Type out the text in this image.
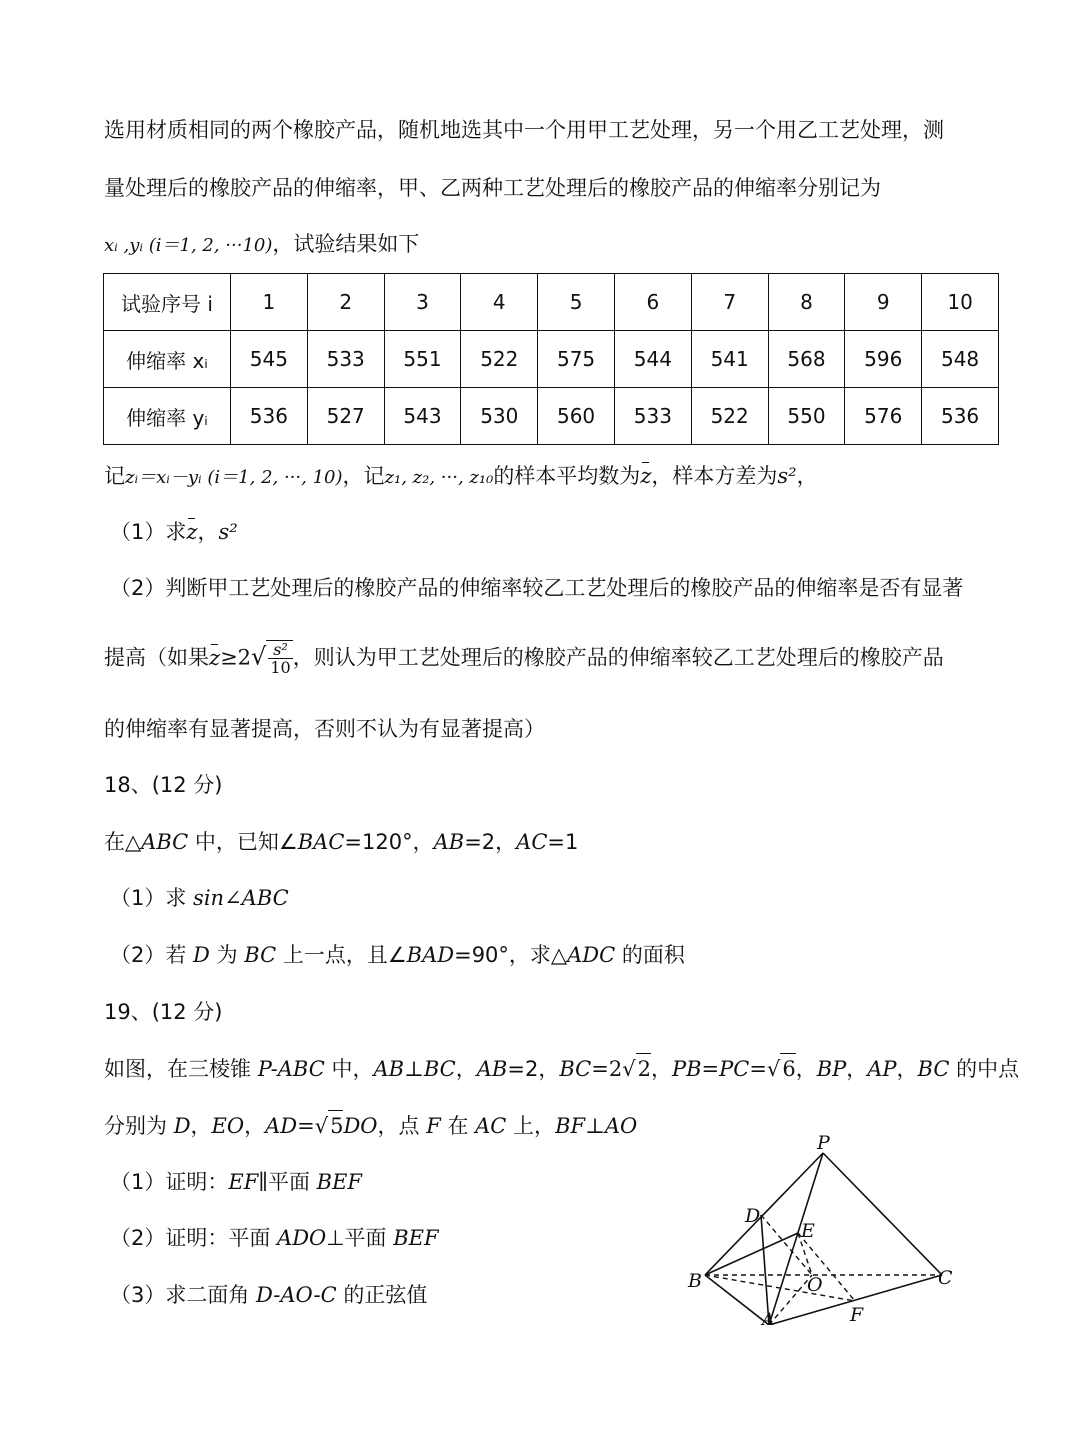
选用材质相同的两个橡胶产品，随机地选其中一个用甲工艺处理，另一个用乙工艺处理，测
量处理后的橡胶产品的伸缩率，甲、乙两种工艺处理后的橡胶产品的伸缩率分别记为
xᵢ ,yᵢ (i＝1, 2, ···10)，试验结果如下
试验序号 i	1	2	3	4	5	6	7	8	9	10
伸缩率 xᵢ	545	533	551	522	575	544	541	568	596	548
伸缩率 yᵢ	536	527	543	530	560	533	522	550	576	536
记zᵢ＝xᵢ－yᵢ (i＝1, 2, ···, 10)，记z₁, z₂, ···, z₁₀的样本平均数为z，样本方差为s²，
（1）求z，s²
（2）判断甲工艺处理后的橡胶产品的伸缩率较乙工艺处理后的橡胶产品的伸缩率是否有显著
提高（如果$z\ge 2√ \frac{\text{s²}}{10}$ ，则认为甲工艺处理后的橡胶产品的伸缩率较乙工艺处理后的橡胶产品
的伸缩率有显著提高，否则不认为有显著提高）
18、(12 分)
在△ABC 中，已知∠BAC=120°，AB=2，AC=1
（1）求 sin∠ABC
（2）若 D 为 BC 上一点，且∠BAD=90°，求△ADC 的面积
19、(12 分)
如图，在三棱锥 P-ABC 中，AB⊥BC，AB=2，BC=2√2，PB=PC=√6，BP，AP，BC 的中点
分别为 D，EO，AD=√5DO，点 F 在 AC 上，BF⊥AO
（1）证明：EF∥平面 BEF
（2）证明：平面 ADO⊥平面 BEF
（3）求二面角 D-AO-C 的正弦值
P
D
E
B	O	C
F
A
